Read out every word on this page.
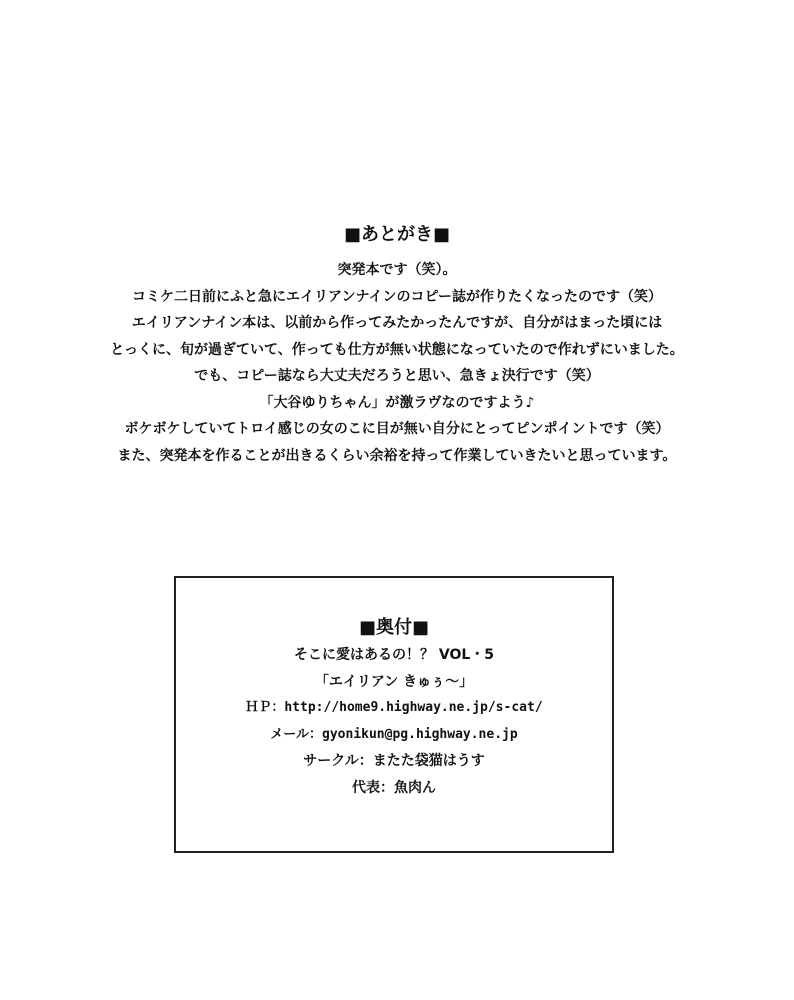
■あとがき■
突発本です（笑）。
コミケ二日前にふと急にエイリアンナインのコピー誌が作りたくなったのです（笑）
エイリアンナイン本は、以前から作ってみたかったんですが、自分がはまった頃には
とっくに、旬が過ぎていて、作っても仕方が無い状態になっていたので作れずにいました。
でも、コピー誌なら大丈夫だろうと思い、急きょ決行です（笑）
「大谷ゆりちゃん」が激ラヴなのですよう♪
ボケボケしていてトロイ感じの女のこに目が無い自分にとってピンポイントです（笑）
また、突発本を作ることが出きるくらい余裕を持って作業していきたいと思っています。
■奥付■
そこに愛はあるの！？ VOL・5
「エイリアン きゅぅ～」
ＨＰ：http://home9.highway.ne.jp/s-cat/
メール：gyonikun@pg.highway.ne.jp
サークル：またた袋猫はうす
代表：魚肉ん
